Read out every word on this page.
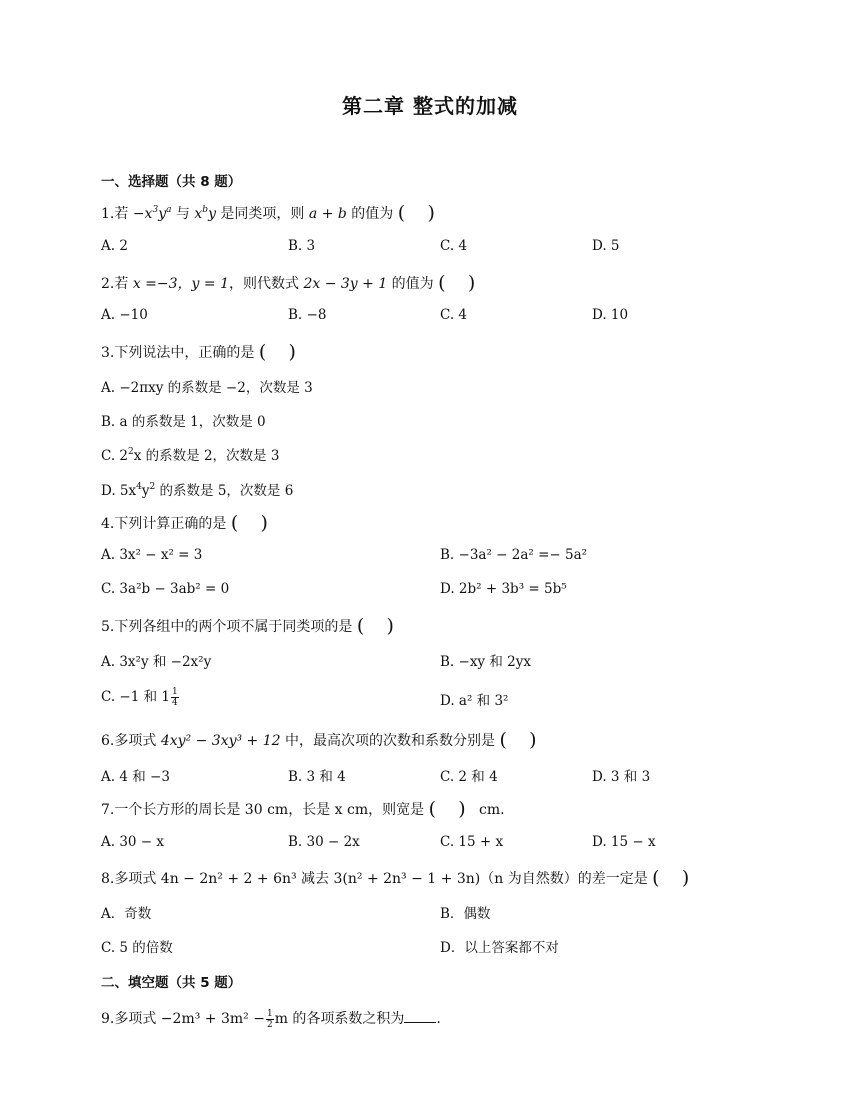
第二章 整式的加减
一、选择题（共 8 题）
1.若 $-x^3y^a$ 与 $x^by$ 是同类项，则 a + b 的值为 ( )
A. 2	B. 3	C. 4	D. 5
2.若 x =−3，y = 1，则代数式 2x − 3y + 1 的值为 ( )
A. −10	B. −8	C. 4	D. 10
3.下列说法中，正确的是 ( )
A. −2πxy 的系数是 −2，次数是 3
B. a 的系数是 1，次数是 0
C. $2^2x$ 的系数是 2，次数是 3
D. $5x^4y^2$ 的系数是 5，次数是 6
4.下列计算正确的是 ( )
A. 3x² − x² = 3	B. −3a² − 2a² =− 5a²
C. 3a²b − 3ab² = 0	D. 2b² + 3b³ = 5b⁵
5.下列各组中的两个项不属于同类项的是 ( )
A. 3x²y 和 −2x²y	B. −xy 和 2yx
C. −1 和 $1 \frac{1}{4}$	D. a² 和 3²
6.多项式 4xy² − 3xy³ + 12 中，最高次项的次数和系数分别是 ( )
A. 4 和 −3	B. 3 和 4	C. 2 和 4	D. 3 和 3
7.一个长方形的周长是 30 cm，长是 x cm，则宽是 ( ) cm.
A. 30 − x	B. 30 − 2x	C. 15 + x	D. 15 − x
8.多项式 4n − 2n² + 2 + 6n³ 减去 3(n² + 2n³ − 1 + 3n)（n 为自然数）的差一定是 ( )
A．奇数	B．偶数
C. 5 的倍数	D．以上答案都不对
二、填空题（共 5 题）
9.多项式 $-2m^3 + 3m^2 - \frac{1}{2}$ m 的各项系数之积为 .
